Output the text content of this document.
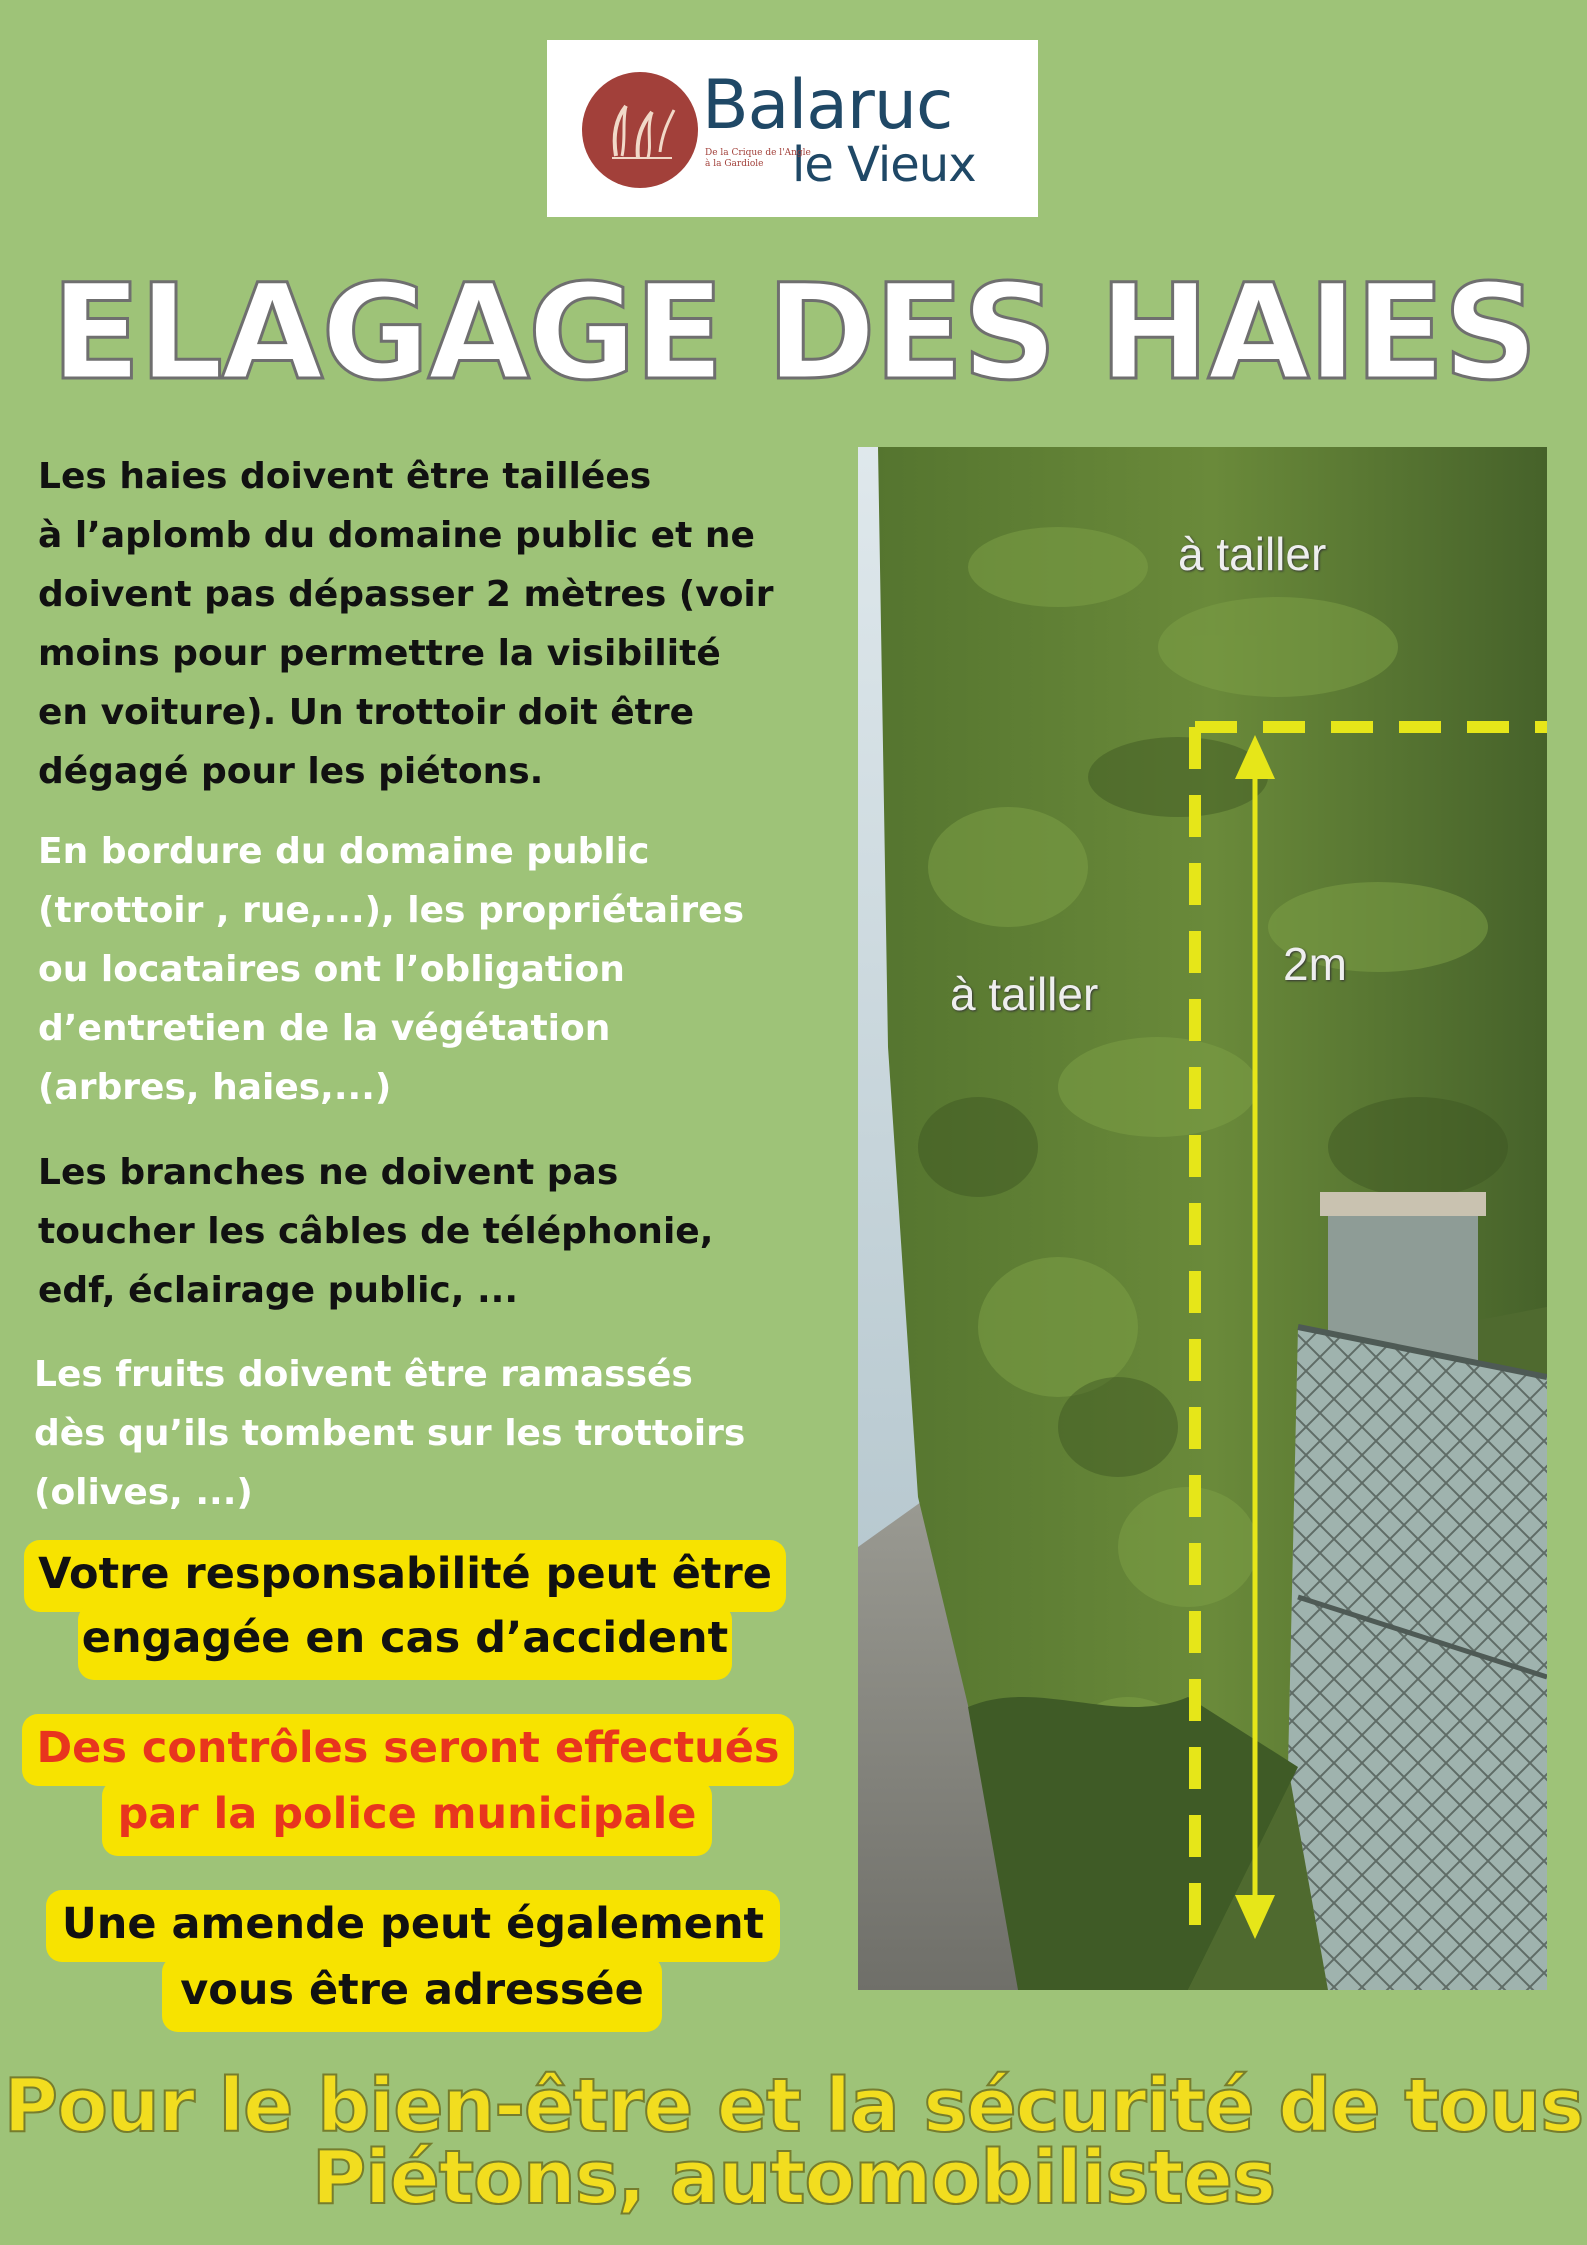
Balaruc
le Vieux
De la Crique de l'Angle à la Gardiole
ELAGAGE DES HAIES
Les haies doivent être taillées
à l’aplomb du domaine public et ne
doivent pas dépasser 2 mètres (voir
moins pour permettre la visibilité
en voiture). Un trottoir doit être
dégagé pour les piétons.
En bordure du domaine public
(trottoir , rue,...), les propriétaires
ou locataires ont l’obligation
d’entretien de la végétation
(arbres, haies,...)
Les branches ne doivent pas
toucher les câbles de téléphonie,
edf, éclairage public, ...
Les fruits doivent être ramassés
dès qu’ils tombent sur les trottoirs
(olives, ...)
Votre responsabilité peut être
engagée en cas d’accident
Des contrôles seront effectués
par la police municipale
Une amende peut également
vous être adressée
à tailler
à tailler
2m
Pour le bien-être et la sécurité de tous
Piétons, automobilistes
